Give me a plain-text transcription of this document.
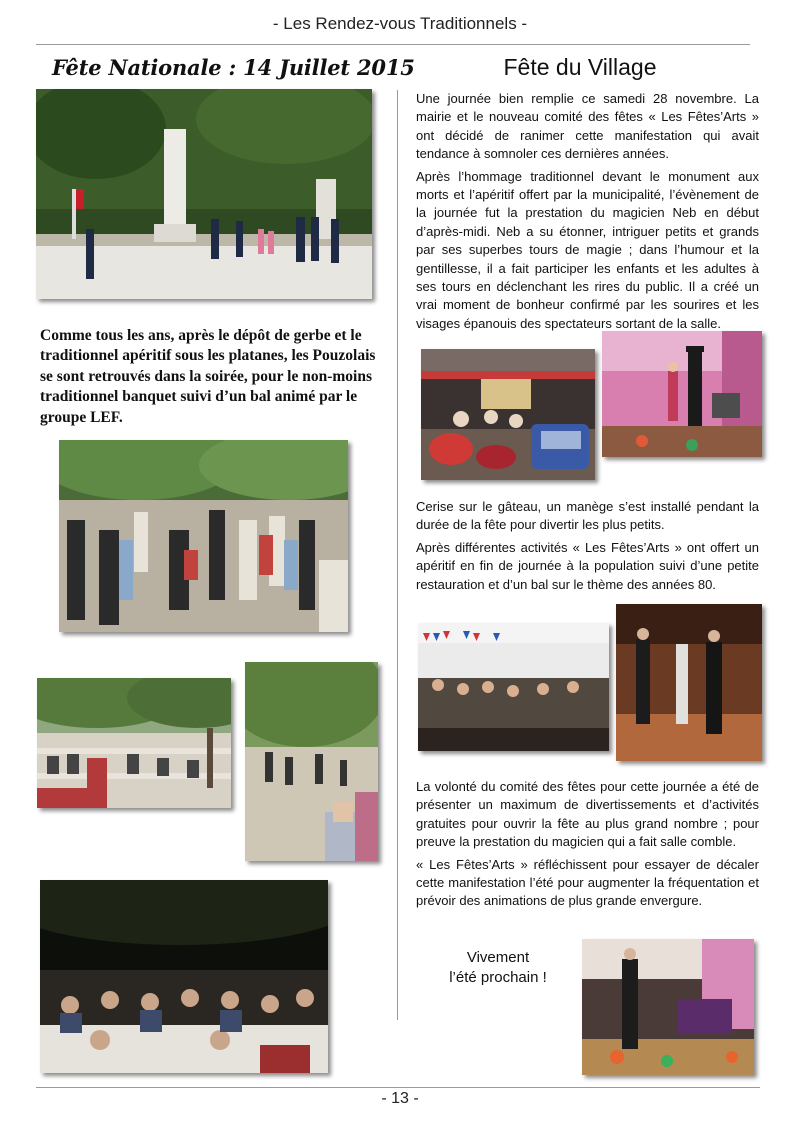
- Les Rendez-vous Traditionnels -
Fête Nationale : 14 Juillet 2015	Fête du Village
Comme tous les ans, après le dépôt de gerbe et le traditionnel apéritif sous les platanes, les Pouzolais se sont retrouvés dans la soirée, pour le non-moins traditionnel banquet suivi d’un bal animé par le groupe LEF.

Une journée bien remplie ce samedi 28 novembre. La mairie et le nouveau comité des fêtes « Les Fêtes’Arts » ont décidé de ranimer cette manifestation qui avait tendance à somnoler ces dernières années.

Après l’hommage traditionnel devant le monument aux morts et l’apéritif offert par la municipalité, l’évènement de la journée fut la prestation du magicien Neb en début d’après-midi. Neb a su étonner, intriguer petits et grands par ses superbes tours de magie ; dans l’humour et la gentillesse, il a fait participer les enfants et les adultes à ses tours en déclenchant les rires du public. Il a créé un vrai moment de bonheur confirmé par les sourires et les visages épanouis des spectateurs sortant de la salle.

Cerise sur le gâteau, un manège s’est installé pendant la durée de la fête pour divertir les plus petits.

Après différentes activités « Les Fêtes’Arts » ont offert un apéritif en fin de journée à la population suivi d’une petite restauration et d’un bal sur le thème des années 80.

La volonté du comité des fêtes pour cette journée a été de présenter un maximum de divertissements et d’activités gratuites pour ouvrir la fête au plus grand nombre ; pour preuve la prestation du magicien qui a fait salle comble.

« Les Fêtes’Arts » réfléchissent pour essayer de décaler cette manifestation l’été pour augmenter la fréquentation et prévoir des animations de plus grande envergure.

Vivement
l’été prochain !
- 13 -
